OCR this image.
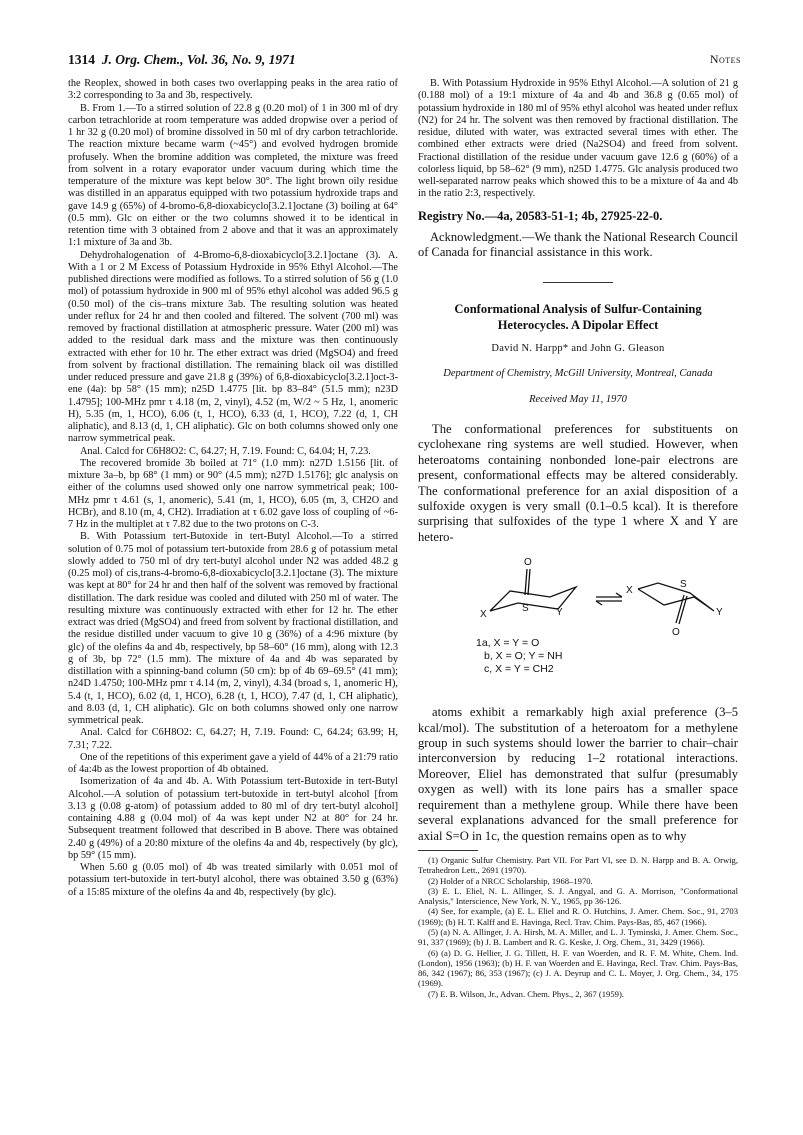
1314 J. Org. Chem., Vol. 36, No. 9, 1971	Notes

the Reoplex, showed in both cases two overlapping peaks in the area ratio of 3:2 corresponding to 3a and 3b, respectively.

B. From 1.—To a stirred solution of 22.8 g (0.20 mol) of 1 in 300 ml of dry carbon tetrachloride at room temperature was added dropwise over a period of 1 hr 32 g (0.20 mol) of bromine dissolved in 50 ml of dry carbon tetrachloride. The reaction mixture became warm (~45°) and evolved hydrogen bromide profusely. When the bromine addition was completed, the mixture was freed from solvent in a rotary evaporator under vacuum during which time the temperature of the mixture was kept below 30°. The light brown oily residue was distilled in an apparatus equipped with two potassium hydroxide traps and gave 14.9 g (65%) of 4-bromo-6,8-dioxabicyclo[3.2.1]octane (3) boiling at 64° (0.5 mm). Glc on either or the two columns showed it to be identical in retention time with 3 obtained from 2 above and that it was an approximately 1:1 mixture of 3a and 3b.

Dehydrohalogenation of 4-Bromo-6,8-dioxabicyclo[3.2.1]octane (3). A. With a 1 or 2 M Excess of Potassium Hydroxide in 95% Ethyl Alcohol.—The published directions were modified as follows. To a stirred solution of 56 g (1.0 mol) of potassium hydroxide in 900 ml of 95% ethyl alcohol was added 96.5 g (0.50 mol) of the cis–trans mixture 3ab. The resulting solution was heated under reflux for 24 hr and then cooled and filtered. The solvent (700 ml) was removed by fractional distillation at atmospheric pressure. Water (200 ml) was added to the residual dark mass and the mixture was then continuously extracted with ether for 10 hr. The ether extract was dried (MgSO4) and freed from solvent by fractional distillation. The remaining black oil was distilled under reduced pressure and gave 21.8 g (39%) of 6,8-dioxabicyclo[3.2.1]oct-3-ene (4a): bp 58° (15 mm); n25D 1.4775 [lit. bp 83–84° (51.5 mm); n23D 1.4795]; 100-MHz pmr τ 4.18 (m, 2, vinyl), 4.52 (m, W/2 ~ 5 Hz, 1, anomeric H), 5.35 (m, 1, HCO), 6.06 (t, 1, HCO), 6.33 (d, 1, HCO), 7.22 (d, 1, CH aliphatic), and 8.13 (d, 1, CH aliphatic). Glc on both columns showed only one narrow symmetrical peak.

Anal. Calcd for C6H8O2: C, 64.27; H, 7.19. Found: C, 64.04; H, 7.23.

The recovered bromide 3b boiled at 71° (1.0 mm): n27D 1.5156 [lit. of mixture 3a–b, bp 68° (1 mm) or 90° (4.5 mm); n27D 1.5176]; glc analysis on either of the columns used showed only one narrow symmetrical peak; 100-MHz pmr τ 4.61 (s, 1, anomeric), 5.41 (m, 1, HCO), 6.05 (m, 3, CH2O and HCBr), and 8.10 (m, 4, CH2). Irradiation at τ 6.02 gave loss of coupling of ~6-7 Hz in the multiplet at τ 7.82 due to the two protons on C-3.

B. With Potassium tert-Butoxide in tert-Butyl Alcohol.—To a stirred solution of 0.75 mol of potassium tert-butoxide from 28.6 g of potassium metal slowly added to 750 ml of dry tert-butyl alcohol under N2 was added 48.2 g (0.25 mol) of cis,trans-4-bromo-6,8-dioxabicyclo[3.2.1]octane (3). The mixture was kept at 80° for 24 hr and then half of the solvent was removed by fractional distillation. The dark residue was cooled and diluted with 250 ml of water. The resulting mixture was continuously extracted with ether for 12 hr. The ether extract was dried (MgSO4) and freed from solvent by fractional distillation, and the residue distilled under vacuum to give 10 g (36%) of a 4:96 mixture (by glc) of the olefins 4a and 4b, respectively, bp 58–60° (16 mm), along with 12.3 g of 3b, bp 72° (1.5 mm). The mixture of 4a and 4b was separated by distillation with a spinning-band column (50 cm): bp of 4b 69–69.5° (41 mm); n24D 1.4750; 100-MHz pmr τ 4.14 (m, 2, vinyl), 4.34 (broad s, 1, anomeric H), 5.4 (t, 1, HCO), 6.02 (d, 1, HCO), 6.28 (t, 1, HCO), 7.47 (d, 1, CH aliphatic), and 8.03 (d, 1, CH aliphatic). Glc on both columns showed only one narrow symmetrical peak.

Anal. Calcd for C6H8O2: C, 64.27; H, 7.19. Found: C, 64.24; 63.99; H, 7.31; 7.22.

One of the repetitions of this experiment gave a yield of 44% of a 21:79 ratio of 4a:4b as the lowest proportion of 4b obtained.

Isomerization of 4a and 4b. A. With Potassium tert-Butoxide in tert-Butyl Alcohol.—A solution of potassium tert-butoxide in tert-butyl alcohol [from 3.13 g (0.08 g-atom) of potassium added to 80 ml of dry tert-butyl alcohol] containing 4.88 g (0.04 mol) of 4a was kept under N2 at 80° for 24 hr. Subsequent treatment followed that described in B above. There was obtained 2.40 g (49%) of a 20:80 mixture of the olefins 4a and 4b, respectively (by glc), bp 59° (15 mm).

When 5.60 g (0.05 mol) of 4b was treated similarly with 0.051 mol of potassium tert-butoxide in tert-butyl alcohol, there was obtained 3.50 g (63%) of a 15:85 mixture of the olefins 4a and 4b, respectively (by glc).

B. With Potassium Hydroxide in 95% Ethyl Alcohol.—A solution of 21 g (0.188 mol) of a 19:1 mixture of 4a and 4b and 36.8 g (0.65 mol) of potassium hydroxide in 180 ml of 95% ethyl alcohol was heated under reflux (N2) for 24 hr. The solvent was then removed by fractional distillation. The residue, diluted with water, was extracted several times with ether. The combined ether extracts were dried (Na2SO4) and freed from solvent. Fractional distillation of the residue under vacuum gave 12.6 g (60%) of a colorless liquid, bp 58–62° (9 mm), n25D 1.4775. Glc analysis produced two well-separated narrow peaks which showed this to be a mixture of 4a and 4b in the ratio 2:3, respectively.

Registry No.—4a, 20583-51-1; 4b, 27925-22-0.

Acknowledgment.—We thank the National Research Council of Canada for financial assistance in this work.

Conformational Analysis of Sulfur-Containing Heterocycles. A Dipolar Effect

David N. Harpp* and John G. Gleason

Department of Chemistry, McGill University, Montreal, Canada

Received May 11, 1970

The conformational preferences for substituents on cyclohexane ring systems are well studied. However, when heteroatoms containing nonbonded lone-pair electrons are present, conformational effects may be altered considerably. The conformational preference for an axial disposition of a sulfoxide oxygen is very small (0.1–0.5 kcal). It is therefore surprising that sulfoxides of the type 1 where X and Y are hetero-

O
S
X	Y
S
X
Y
O
1a, X = Y = O
b, X = O; Y = NH
c, X = Y = CH2

atoms exhibit a remarkably high axial preference (3–5 kcal/mol). The substitution of a heteroatom for a methylene group in such systems should lower the barrier to chair–chair interconversion by reducing 1–2 rotational interactions. Moreover, Eliel has demonstrated that sulfur (presumably oxygen as well) with its lone pairs has a smaller space requirement than a methylene group. While there have been several explanations advanced for the small preference for axial S=O in 1c, the question remains open as to why

(1) Organic Sulfur Chemistry. Part VII. For Part VI, see D. N. Harpp and B. A. Orwig, Tetrahedron Lett., 2691 (1970).

(2) Holder of a NRCC Scholarship, 1968–1970.

(3) E. L. Eliel, N. L. Allinger, S. J. Angyal, and G. A. Morrison, "Conformational Analysis," Interscience, New York, N. Y., 1965, pp 36-126.

(4) See, for example, (a) E. L. Eliel and R. O. Hutchins, J. Amer. Chem. Soc., 91, 2703 (1969); (b) H. T. Kalff and E. Havinga, Recl. Trav. Chim. Pays-Bas, 85, 467 (1966).

(5) (a) N. A. Allinger, J. A. Hirsh, M. A. Miller, and L. J. Tyminski, J. Amer. Chem. Soc., 91, 337 (1969); (b) J. B. Lambert and R. G. Keske, J. Org. Chem., 31, 3429 (1966).

(6) (a) D. G. Hellier, J. G. Tillett, H. F. van Woerden, and R. F. M. White, Chem. Ind. (London), 1956 (1963); (b) H. F. van Woerden and E. Havinga, Recl. Trav. Chim. Pays-Bas, 86, 342 (1967); 86, 353 (1967); (c) J. A. Deyrup and C. L. Moyer, J. Org. Chem., 34, 175 (1969).

(7) E. B. Wilson, Jr., Advan. Chem. Phys., 2, 367 (1959).
